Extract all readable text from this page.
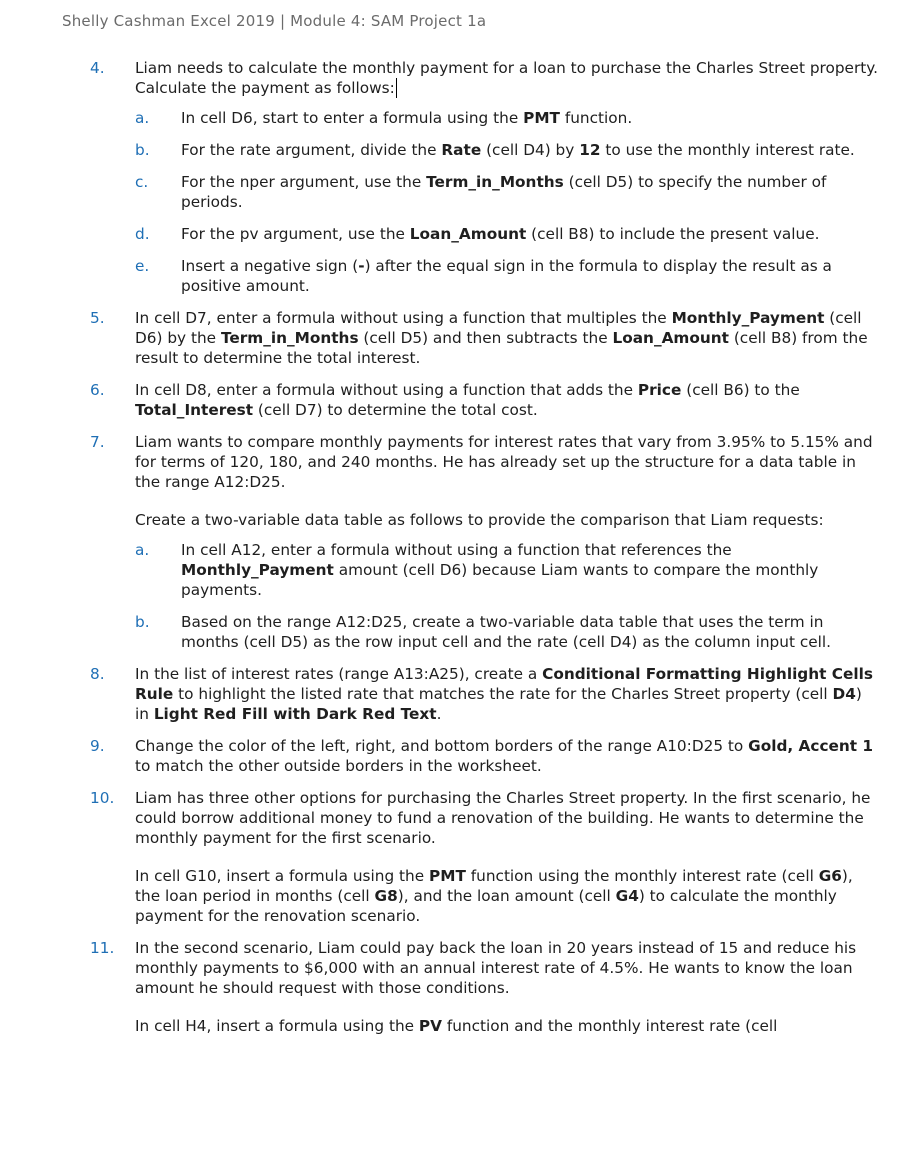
Shelly Cashman Excel 2019 | Module 4: SAM Project 1a
4.	Liam needs to calculate the monthly payment for a loan to purchase the Charles Street property. Calculate the payment as follows:

a.	In cell D6, start to enter a formula using the PMT function.
b.	For the rate argument, divide the Rate (cell D4) by 12 to use the monthly interest rate.
c.	For the nper argument, use the Term_in_Months (cell D5) to specify the number of periods.
d.	For the pv argument, use the Loan_Amount (cell B8) to include the present value.
e.	Insert a negative sign (-) after the equal sign in the formula to display the result as a positive amount.
5.	In cell D7, enter a formula without using a function that multiples the Monthly_Payment (cell D6) by the Term_in_Months (cell D5) and then subtracts the Loan_Amount (cell B8) from the result to determine the total interest.

6.	In cell D8, enter a formula without using a function that adds the Price (cell B6) to the Total_Interest (cell D7) to determine the total cost.

7.	Liam wants to compare monthly payments for interest rates that vary from 3.95% to 5.15% and for terms of 120, 180, and 240 months. He has already set up the structure for a data table in the range A12:D25.

Create a two-variable data table as follows to provide the comparison that Liam requests:

a.	In cell A12, enter a formula without using a function that references the Monthly_Payment amount (cell D6) because Liam wants to compare the monthly payments.
b.	Based on the range A12:D25, create a two-variable data table that uses the term in months (cell D5) as the row input cell and the rate (cell D4) as the column input cell.
8.	In the list of interest rates (range A13:A25), create a Conditional Formatting Highlight Cells Rule to highlight the listed rate that matches the rate for the Charles Street property (cell D4) in Light Red Fill with Dark Red Text.

9.	Change the color of the left, right, and bottom borders of the range A10:D25 to Gold, Accent 1 to match the other outside borders in the worksheet.

10.	Liam has three other options for purchasing the Charles Street property. In the first scenario, he could borrow additional money to fund a renovation of the building. He wants to determine the monthly payment for the first scenario.

In cell G10, insert a formula using the PMT function using the monthly interest rate (cell G6), the loan period in months (cell G8), and the loan amount (cell G4) to calculate the monthly payment for the renovation scenario.

11.	In the second scenario, Liam could pay back the loan in 20 years instead of 15 and reduce his monthly payments to $6,000 with an annual interest rate of 4.5%. He wants to know the loan amount he should request with those conditions.

In cell H4, insert a formula using the PV function and the monthly interest rate (cell
